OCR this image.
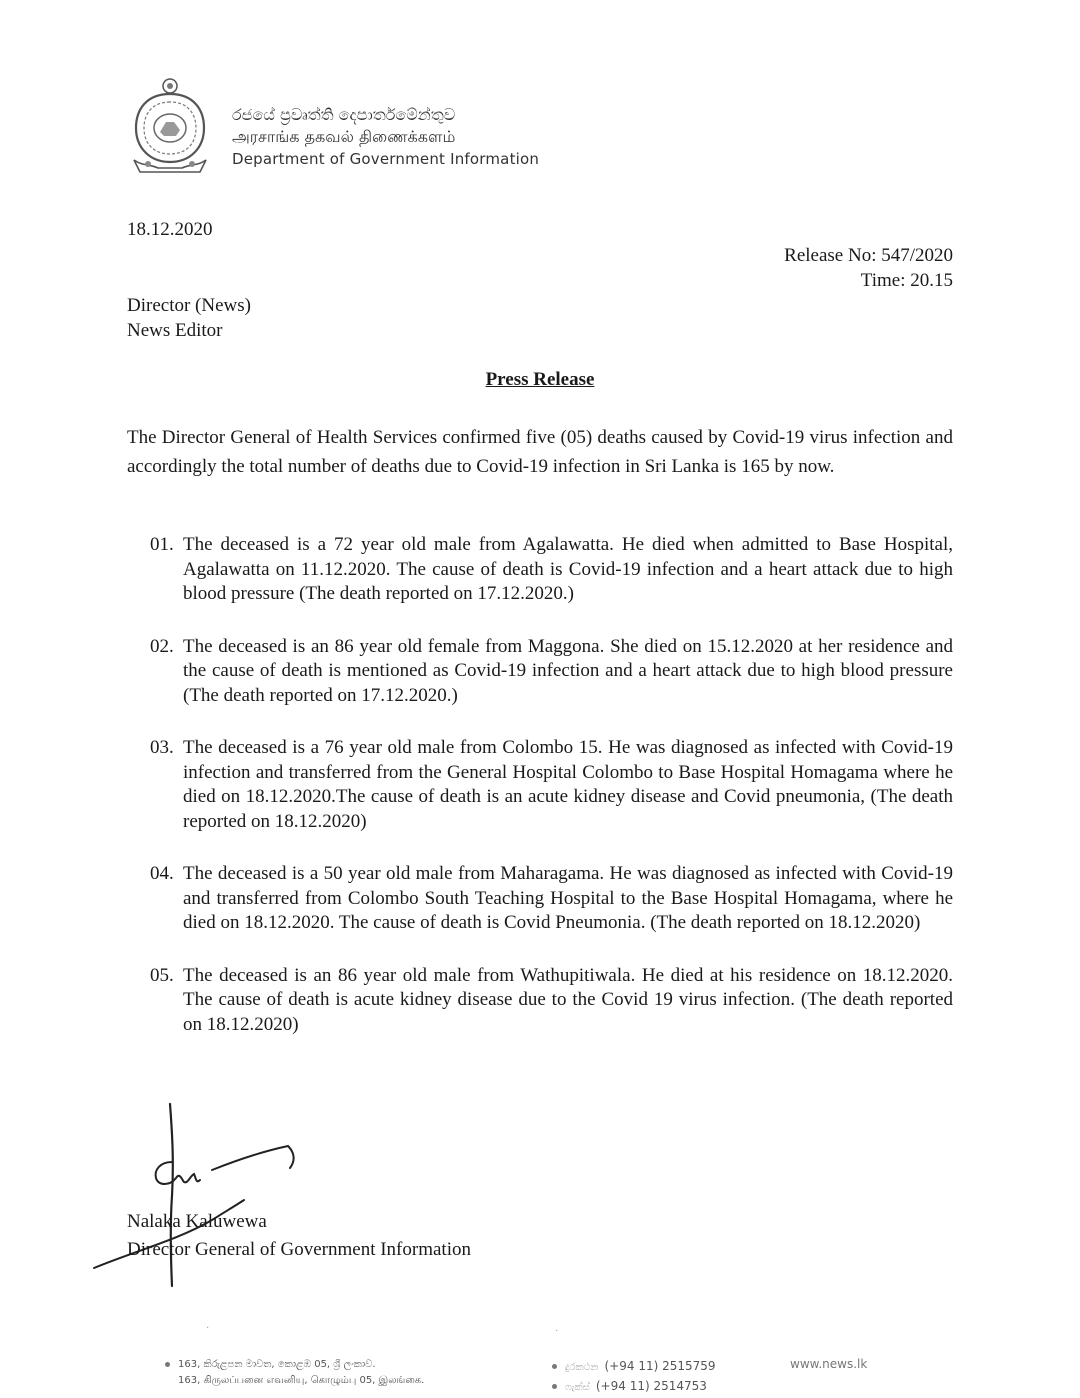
රජයේ ප්‍රවෘත්ති දෙපාර්තමේන්තුව
அரசாங்க தகவல் திணைக்களம்
Department of Government Information
18.12.2020
Release No: 547/2020
Time: 20.15
Director (News)
News Editor
Press Release

The Director General of Health Services confirmed five (05) deaths caused by Covid-19 virus infection and accordingly the total number of deaths due to Covid-19 infection in Sri Lanka is 165 by now.

01. The deceased is a 72 year old male from Agalawatta. He died when admitted to Base Hospital, Agalawatta on 11.12.2020. The cause of death is Covid-19 infection and a heart attack due to high blood pressure (The death reported on 17.12.2020.)
02. The deceased is an 86 year old female from Maggona. She died on 15.12.2020 at her residence and the cause of death is mentioned as Covid-19 infection and a heart attack due to high blood pressure (The death reported on 17.12.2020.)
03. The deceased is a 76 year old male from Colombo 15. He was diagnosed as infected with Covid-19 infection and transferred from the General Hospital Colombo to Base Hospital Homagama where he died on 18.12.2020.The cause of death is an acute kidney disease and Covid pneumonia, (The death reported on 18.12.2020)
04. The deceased is a 50 year old male from Maharagama. He was diagnosed as infected with Covid-19 and transferred from Colombo South Teaching Hospital to the Base Hospital Homagama, where he died on 18.12.2020. The cause of death is Covid Pneumonia. (The death reported on 18.12.2020)
05. The deceased is an 86 year old male from Wathupitiwala. He died at his residence on 18.12.2020. The cause of death is acute kidney disease due to the Covid 19 virus infection. (The death reported on 18.12.2020)
Nalaka Kaluwewa
Director General of Government Information
·	·
163, කිරුළපන මාවත, කොළඹ 05, ශ්‍රී ලංකාව.
163, கிருலப்பனை எவனியு, கொழும்பு 05, இலங்கை.
දුරකථන (+94 11) 2515759
ෆැක්ස් (+94 11) 2514753
www.news.lk
